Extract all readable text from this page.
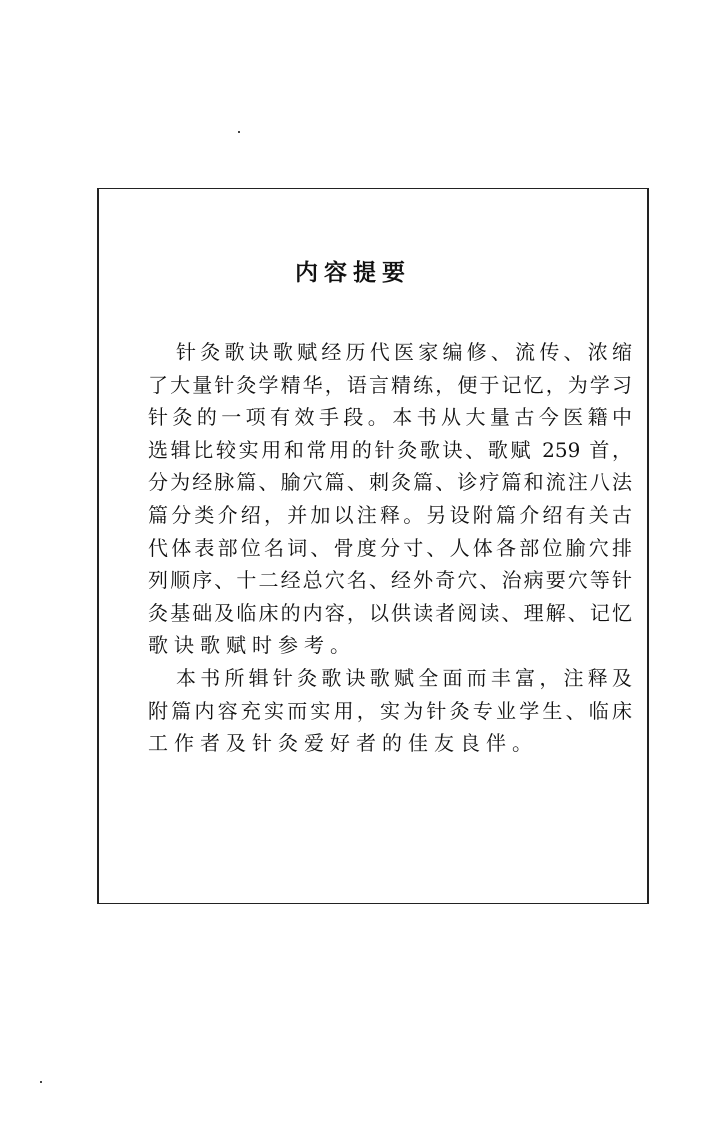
内容提要
针灸歌诀歌赋经历代医家编修、流传、浓缩
了大量针灸学精华，语言精练，便于记忆，为学习
针灸的一项有效手段。本书从大量古今医籍中
选辑比较实用和常用的针灸歌诀、歌赋 259 首，
分为经脉篇、腧穴篇、刺灸篇、诊疗篇和流注八法
篇分类介绍，并加以注释。另设附篇介绍有关古
代体表部位名词、骨度分寸、人体各部位腧穴排
列顺序、十二经总穴名、经外奇穴、治病要穴等针
灸基础及临床的内容，以供读者阅读、理解、记忆
歌诀歌赋时参考。
本书所辑针灸歌诀歌赋全面而丰富，注释及
附篇内容充实而实用，实为针灸专业学生、临床
工作者及针灸爱好者的佳友良伴。
